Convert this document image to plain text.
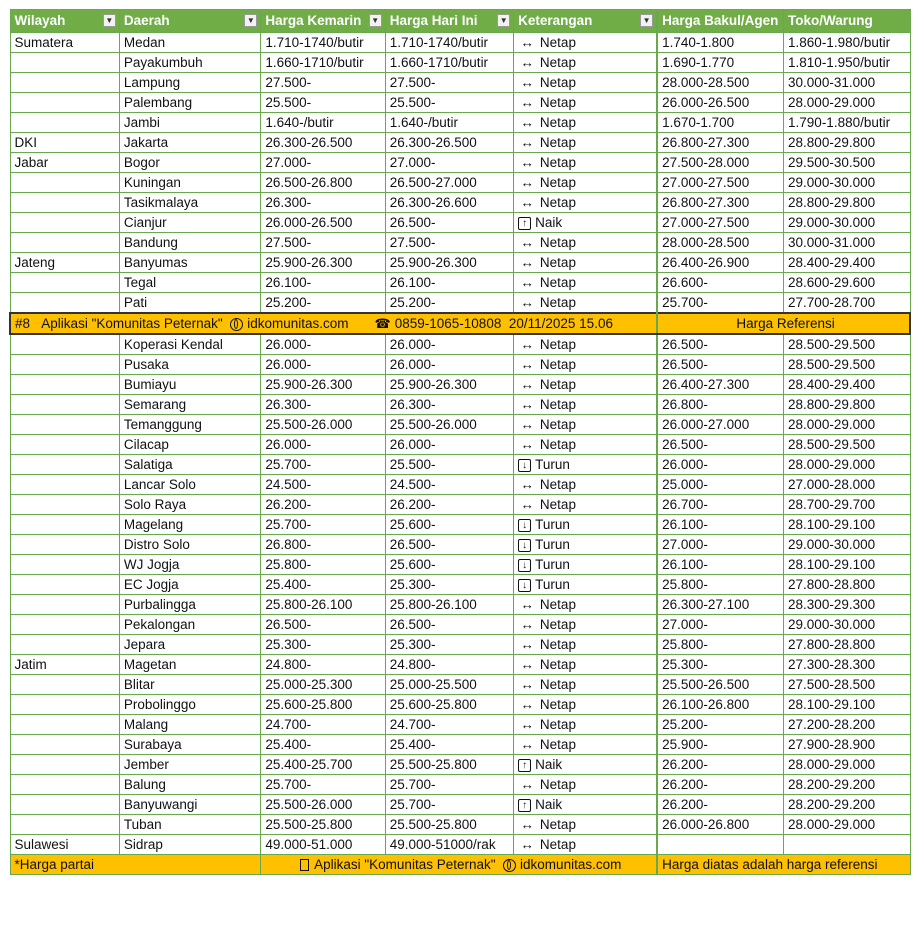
Wilayah ▼	Daerah ▼	Harga Kemarin ▼	Harga Hari Ini ▼	Keterangan ▼	Harga Bakul/Agen	Toko/Warung
Sumatera	Medan	1.710-1740/butir	1.710-1740/butir	↔ Netap	1.740-1.800	1.860-1.980/butir
	Payakumbuh	1.660-1710/butir	1.660-1710/butir	↔ Netap	1.690-1.770	1.810-1.950/butir
	Lampung	27.500-	27.500-	↔ Netap	28.000-28.500	30.000-31.000
	Palembang	25.500-	25.500-	↔ Netap	26.000-26.500	28.000-29.000
	Jambi	1.640-/butir	1.640-/butir	↔ Netap	1.670-1.700	1.790-1.880/butir
DKI	Jakarta	26.300-26.500	26.300-26.500	↔ Netap	26.800-27.300	28.800-29.800
Jabar	Bogor	27.000-	27.000-	↔ Netap	27.500-28.000	29.500-30.500
	Kuningan	26.500-26.800	26.500-27.000	↔ Netap	27.000-27.500	29.000-30.000
	Tasikmalaya	26.300-	26.300-26.600	↔ Netap	26.800-27.300	28.800-29.800
	Cianjur	26.000-26.500	26.500-	↑ Naik	27.000-27.500	29.000-30.000
	Bandung	27.500-	27.500-	↔ Netap	28.000-28.500	30.000-31.000
Jateng	Banyumas	25.900-26.300	25.900-26.300	↔ Netap	26.400-26.900	28.400-29.400
	Tegal	26.100-	26.100-	↔ Netap	26.600-	28.600-29.600
	Pati	25.200-	25.200-	↔ Netap	25.700-	27.700-28.700
#8 Aplikasi "Komunitas Peternak" idkomunitas.com ☎ 0859-1065-10808 20/11/2025 15.06					Harga Referensi	
	Koperasi Kendal	26.000-	26.000-	↔ Netap	26.500-	28.500-29.500
	Pusaka	26.000-	26.000-	↔ Netap	26.500-	28.500-29.500
	Bumiayu	25.900-26.300	25.900-26.300	↔ Netap	26.400-27.300	28.400-29.400
	Semarang	26.300-	26.300-	↔ Netap	26.800-	28.800-29.800
	Temanggung	25.500-26.000	25.500-26.000	↔ Netap	26.000-27.000	28.000-29.000
	Cilacap	26.000-	26.000-	↔ Netap	26.500-	28.500-29.500
	Salatiga	25.700-	25.500-	↓ Turun	26.000-	28.000-29.000
	Lancar Solo	24.500-	24.500-	↔ Netap	25.000-	27.000-28.000
	Solo Raya	26.200-	26.200-	↔ Netap	26.700-	28.700-29.700
	Magelang	25.700-	25.600-	↓ Turun	26.100-	28.100-29.100
	Distro Solo	26.800-	26.500-	↓ Turun	27.000-	29.000-30.000
	WJ Jogja	25.800-	25.600-	↓ Turun	26.100-	28.100-29.100
	EC Jogja	25.400-	25.300-	↓ Turun	25.800-	27.800-28.800
	Purbalingga	25.800-26.100	25.800-26.100	↔ Netap	26.300-27.100	28.300-29.300
	Pekalongan	26.500-	26.500-	↔ Netap	27.000-	29.000-30.000
	Jepara	25.300-	25.300-	↔ Netap	25.800-	27.800-28.800
Jatim	Magetan	24.800-	24.800-	↔ Netap	25.300-	27.300-28.300
	Blitar	25.000-25.300	25.000-25.500	↔ Netap	25.500-26.500	27.500-28.500
	Probolinggo	25.600-25.800	25.600-25.800	↔ Netap	26.100-26.800	28.100-29.100
	Malang	24.700-	24.700-	↔ Netap	25.200-	27.200-28.200
	Surabaya	25.400-	25.400-	↔ Netap	25.900-	27.900-28.900
	Jember	25.400-25.700	25.500-25.800	↑ Naik	26.200-	28.000-29.000
	Balung	25.700-	25.700-	↔ Netap	26.200-	28.200-29.200
	Banyuwangi	25.500-26.000	25.700-	↑ Naik	26.200-	28.200-29.200
	Tuban	25.500-25.800	25.500-25.800	↔ Netap	26.000-26.800	28.000-29.000
Sulawesi	Sidrap	49.000-51.000	49.000-51000/rak	↔ Netap		
*Harga partai		Aplikasi "Komunitas Peternak" idkomunitas.com			Harga diatas adalah harga referensi	
